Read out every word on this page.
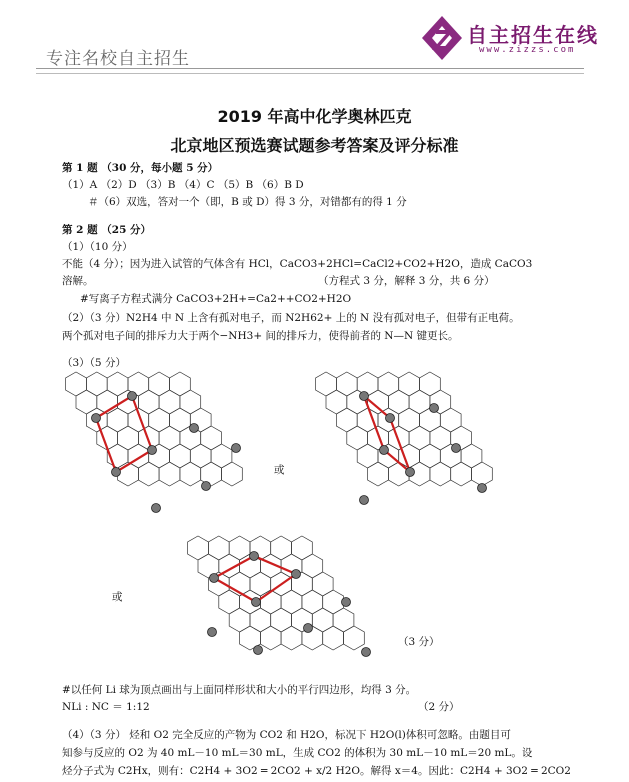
专注名校自主招生
自主招生在线
www.zizzs.com
2019 年高中化学奥林匹克
北京地区预选赛试题参考答案及评分标准
第 1 题 （30 分，每小题 5 分）
（1）A （2）D （3）B （4）C （5）B （6）B D
＃（6）双选，答对一个（即，B 或 D）得 3 分，对错都有的得 1 分
第 2 题 （25 分）
（1）（10 分）
不能（4 分）；因为进入试管的气体含有 HCl，CaCO3+2HCl=CaCl2+CO2+H2O，造成 CaCO3
溶解。	（方程式 3 分，解释 3 分，共 6 分）
#写离子方程式满分 CaCO3+2H+=Ca2++CO2+H2O
（2）（3 分）N2H4 中 N 上含有孤对电子，而 N2H62+ 上的 N 没有孤对电子，但带有正电荷。
两个孤对电子间的排斥力大于两个−NH3+ 间的排斥力，使得前者的 N—N 键更长。
（3）（5 分）
或
或
（3 分）
#以任何 Li 球为顶点画出与上面同样形状和大小的平行四边形，均得 3 分。
NLi : NC ＝ 1:12	（2 分）
（4）（3 分） 烃和 O2 完全反应的产物为 CO2 和 H2O，标况下 H2O(l)体积可忽略。由题目可
知参与反应的 O2 为 40 mL－10 mL＝30 mL，生成 CO2 的体积为 30 mL－10 mL＝20 mL。设
烃分子式为 C2Hx，则有：C2H4 + 3O2 ═ 2CO2 + x/2 H2O。解得 x＝4。因此：C2H4 + 3O2 ═ 2CO2
